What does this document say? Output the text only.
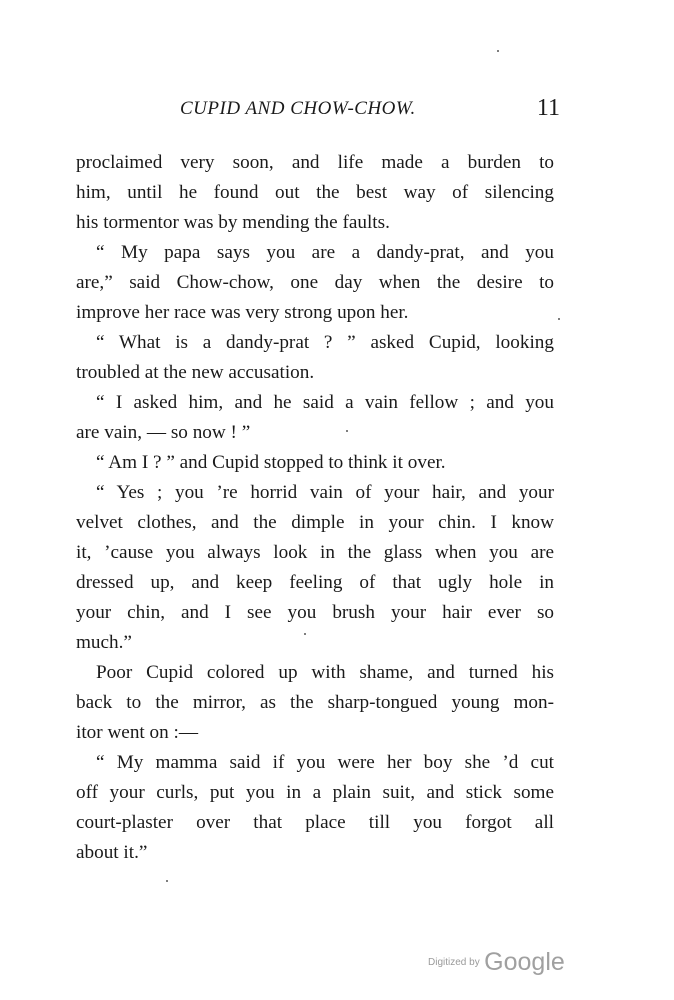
CUPID AND CHOW-CHOW.	11
proclaimed very soon, and life made a burden to
him, until he found out the best way of silencing
his tormentor was by mending the faults.
“ My papa says you are a dandy-prat, and you
are,” said Chow-chow, one day when the desire to
improve her race was very strong upon her.
“ What is a dandy-prat ? ” asked Cupid, looking
troubled at the new accusation.
“ I asked him, and he said a vain fellow ; and you
are vain, — so now ! ”
“ Am I ? ” and Cupid stopped to think it over.
“ Yes ; you ’re horrid vain of your hair, and your
velvet clothes, and the dimple in your chin. I know
it, ’cause you always look in the glass when you are
dressed up, and keep feeling of that ugly hole in
your chin, and I see you brush your hair ever so
much.”
Poor Cupid colored up with shame, and turned his
back to the mirror, as the sharp-tongued young mon-
itor went on :—
“ My mamma said if you were her boy she ’d cut
off your curls, put you in a plain suit, and stick some
court-plaster over that place till you forgot all
about it.”
Digitized by Google
